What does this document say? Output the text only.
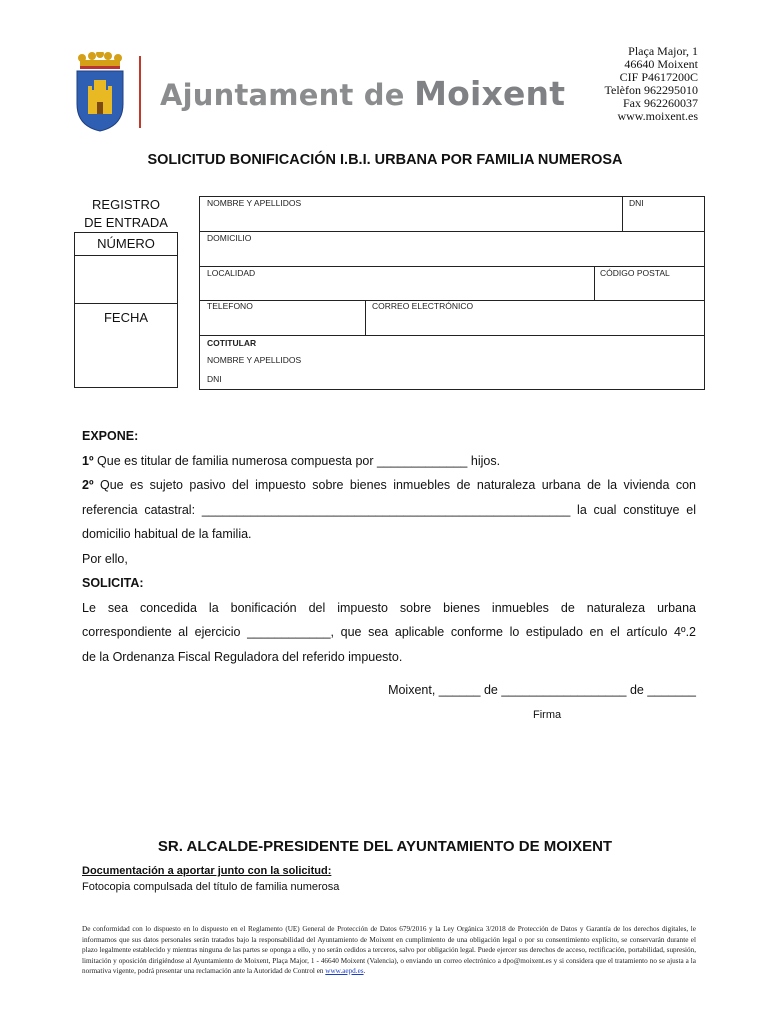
Ajuntament de Moixent
Plaça Major, 1
46640 Moixent
CIF P4617200C
Telèfon 962295010
Fax 962260037
www.moixent.es
SOLICITUD BONIFICACIÓN I.B.I. URBANA POR FAMILIA NUMEROSA
REGISTRO
DE ENTRADA
NÚMERO
FECHA
NOMBRE Y APELLIDOS	DNI
DOMICILIO
LOCALIDAD	CÓDIGO POSTAL
TELEFONO	CORREO ELECTRÓNICO
COTITULAR
NOMBRE Y APELLIDOS
DNI

EXPONE:

1º Que es titular de familia numerosa compuesta por _____________ hijos.

2º Que es sujeto pasivo del impuesto sobre bienes inmuebles de naturaleza urbana de la vivienda con

referencia catastral: _____________________________________________________ la cual constituye el

domicilio habitual de la familia.

Por ello,

SOLICITA:

Le sea concedida la bonificación del impuesto sobre bienes inmuebles de naturaleza urbana

correspondiente al ejercicio ____________, que sea aplicable conforme lo estipulado en el artículo 4º.2

de la Ordenanza Fiscal Reguladora del referido impuesto.

Moixent, ______ de __________________ de _______
Firma
SR. ALCALDE-PRESIDENTE DEL AYUNTAMIENTO DE MOIXENT
Documentación a aportar junto con la solicitud:
Fotocopia compulsada del título de familia numerosa
De conformidad con lo dispuesto en lo dispuesto en el Reglamento (UE) General de Protección de Datos 679/2016 y la Ley Orgánica 3/2018 de Protección de Datos y Garantía de los derechos digitales, le informamos que sus datos personales serán tratados bajo la responsabilidad del Ayuntamiento de Moixent en cumplimiento de una obligación legal o por su consentimiento explícito, se conservarán durante el plazo legalmente establecido y mientras ninguna de las partes se oponga a ello, y no serán cedidos a terceros, salvo por obligación legal. Puede ejercer sus derechos de acceso, rectificación, portabilidad, supresión, limitación y oposición dirigiéndose al Ayuntamiento de Moixent, Plaça Major, 1 - 46640 Moixent (Valencia), o enviando un correo electrónico a dpo@moixent.es y si considera que el tratamiento no se ajusta a la normativa vigente, podrá presentar una reclamación ante la Autoridad de Control en www.aepd.es.
